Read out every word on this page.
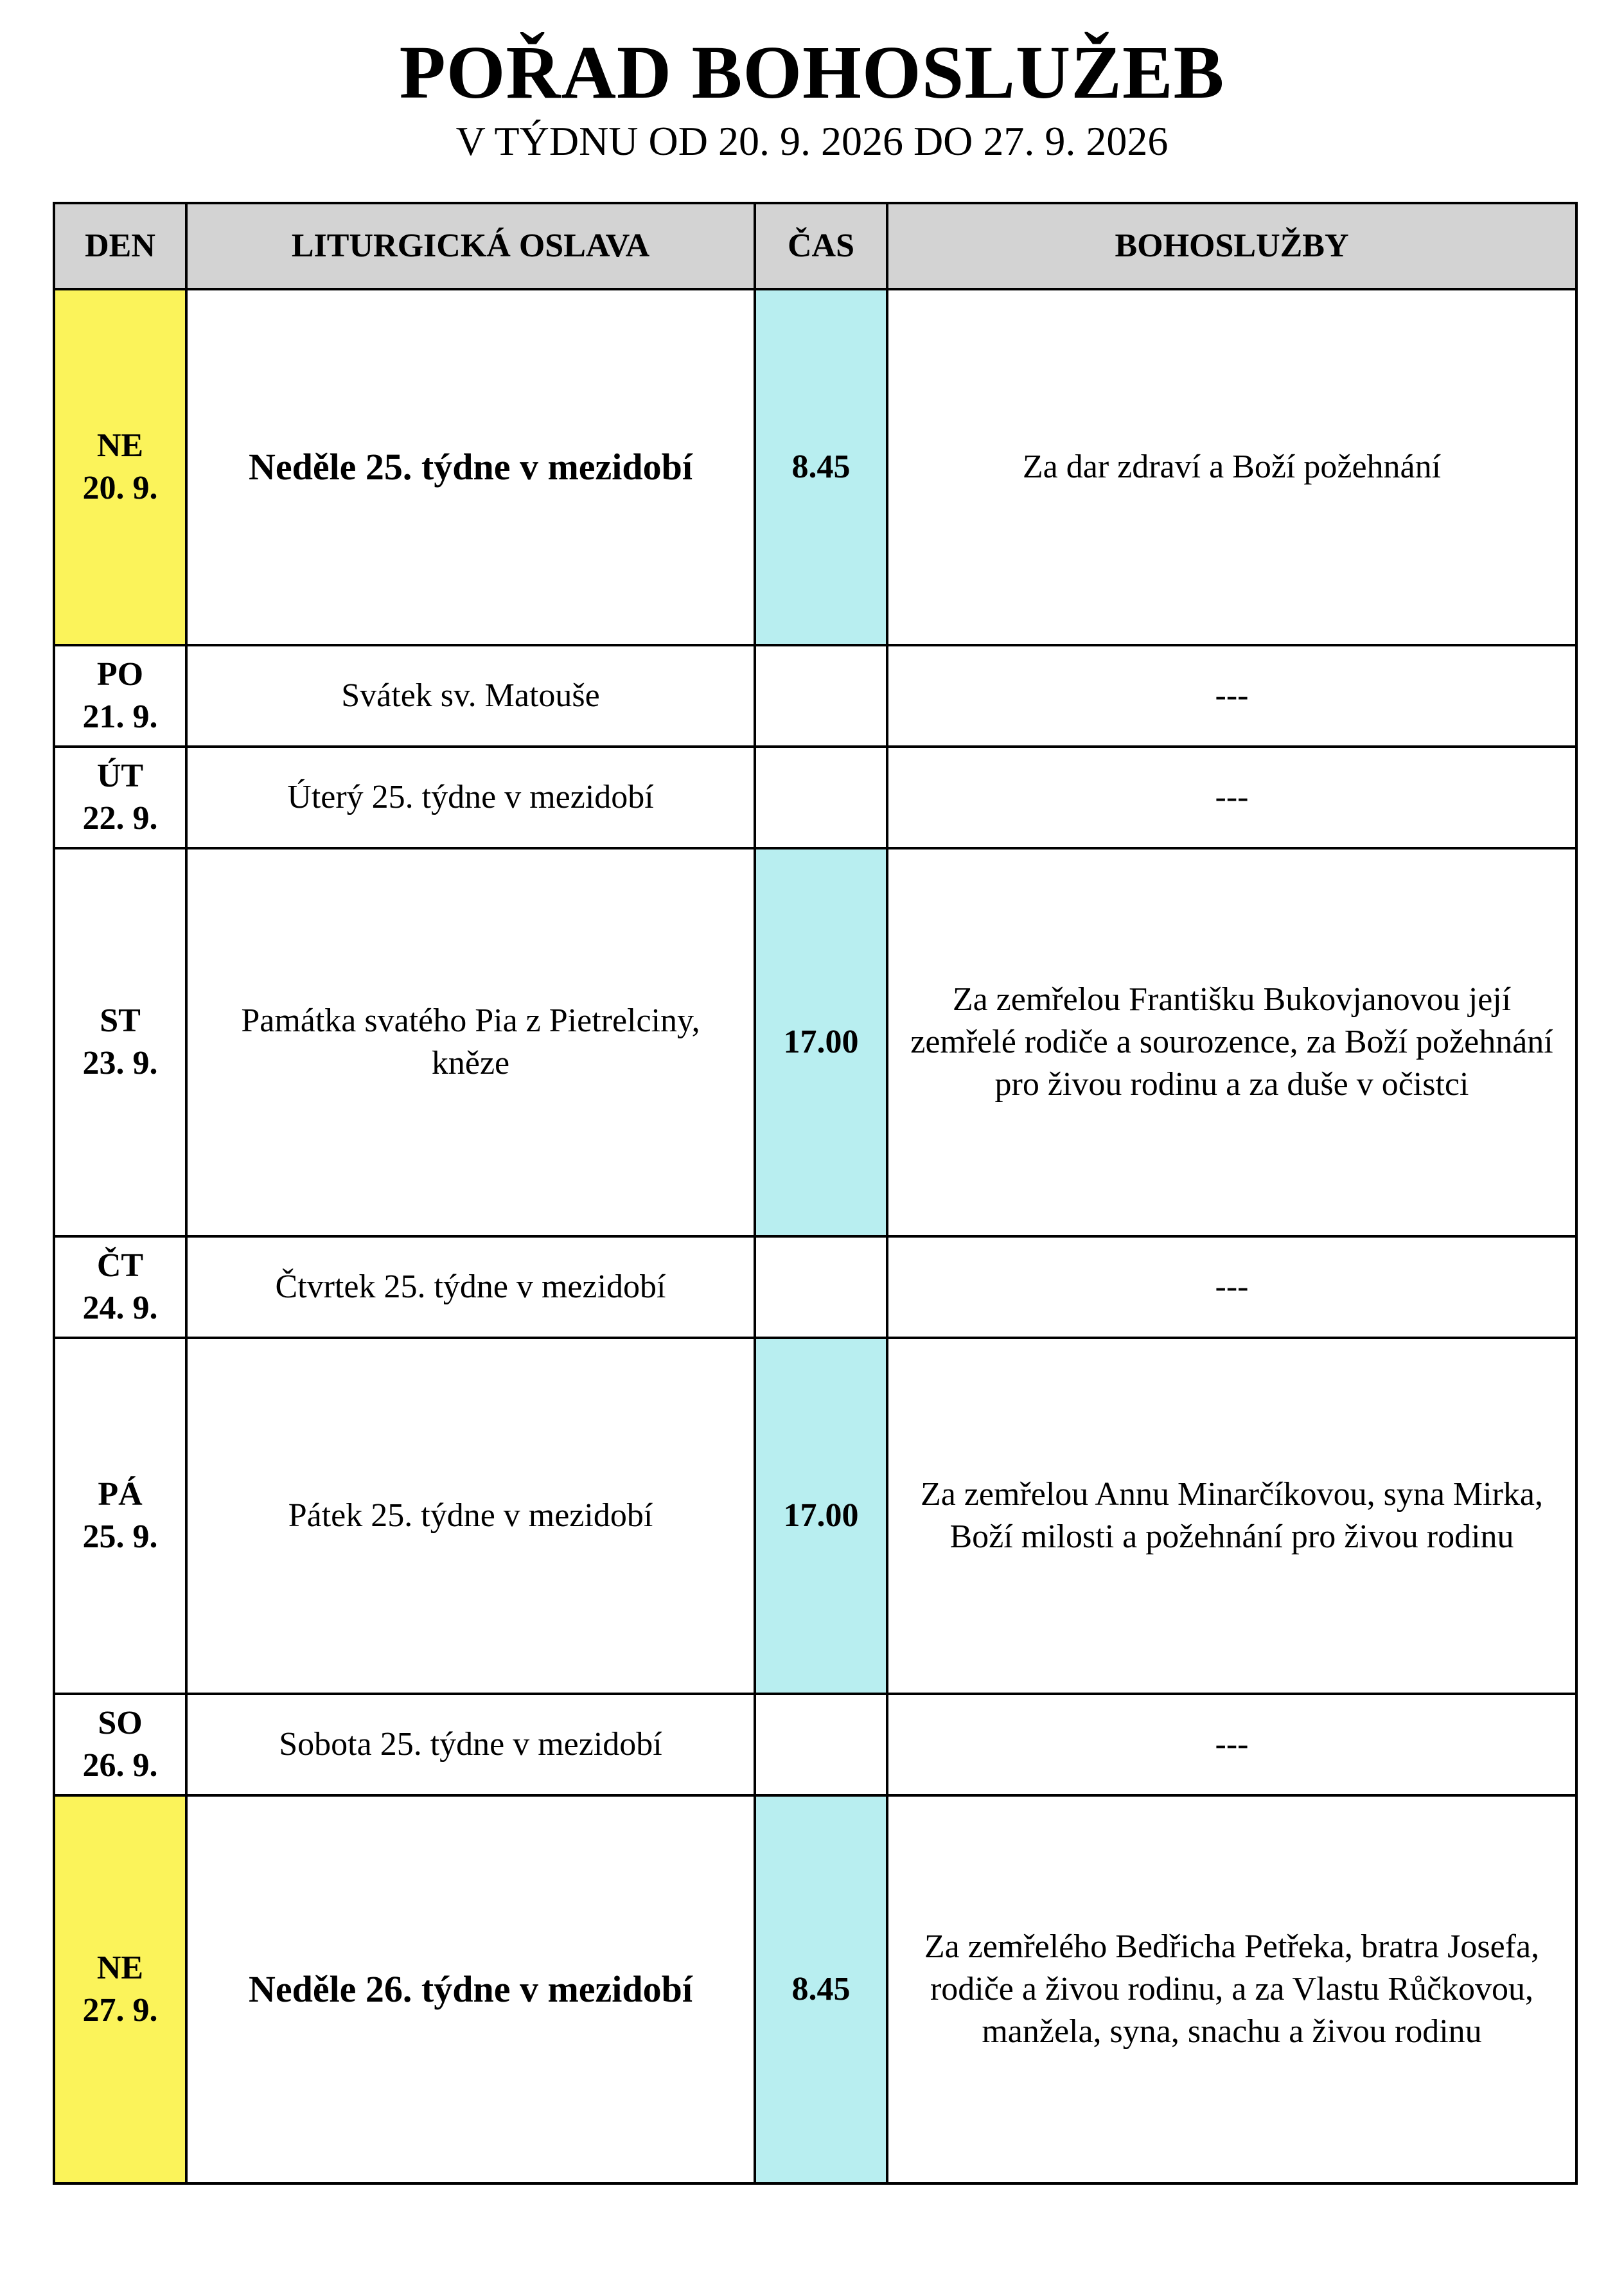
POŘAD BOHOSLUŽEB
V TÝDNU OD 20. 9. 2026 DO 27. 9. 2026
DEN	LITURGICKÁ OSLAVA	ČAS	BOHOSLUŽBY

NE
20. 9.	Neděle 25. týdne v mezidobí	8.45	Za dar zdraví a Boží požehnání

PO
21. 9.	Svátek sv. Matouše		---

ÚT
22. 9.	Úterý 25. týdne v mezidobí		---

ST
23. 9.	Památka svatého Pia z Pietrelciny, kněze	17.00	Za zemřelou Františku Bukovjanovou její zemřelé rodiče a sourozence, za Boží požehnání pro živou rodinu a za duše v očistci

ČT
24. 9.	Čtvrtek 25. týdne v mezidobí		---

PÁ
25. 9.	Pátek 25. týdne v mezidobí	17.00	Za zemřelou Annu Minarčíkovou, syna Mirka, Boží milosti a požehnání pro živou rodinu

SO
26. 9.	Sobota 25. týdne v mezidobí		---

NE
27. 9.	Neděle 26. týdne v mezidobí	8.45	Za zemřelého Bedřicha Petřeka, bratra Josefa, rodiče a živou rodinu, a za Vlastu Růčkovou, manžela, syna, snachu a živou rodinu
